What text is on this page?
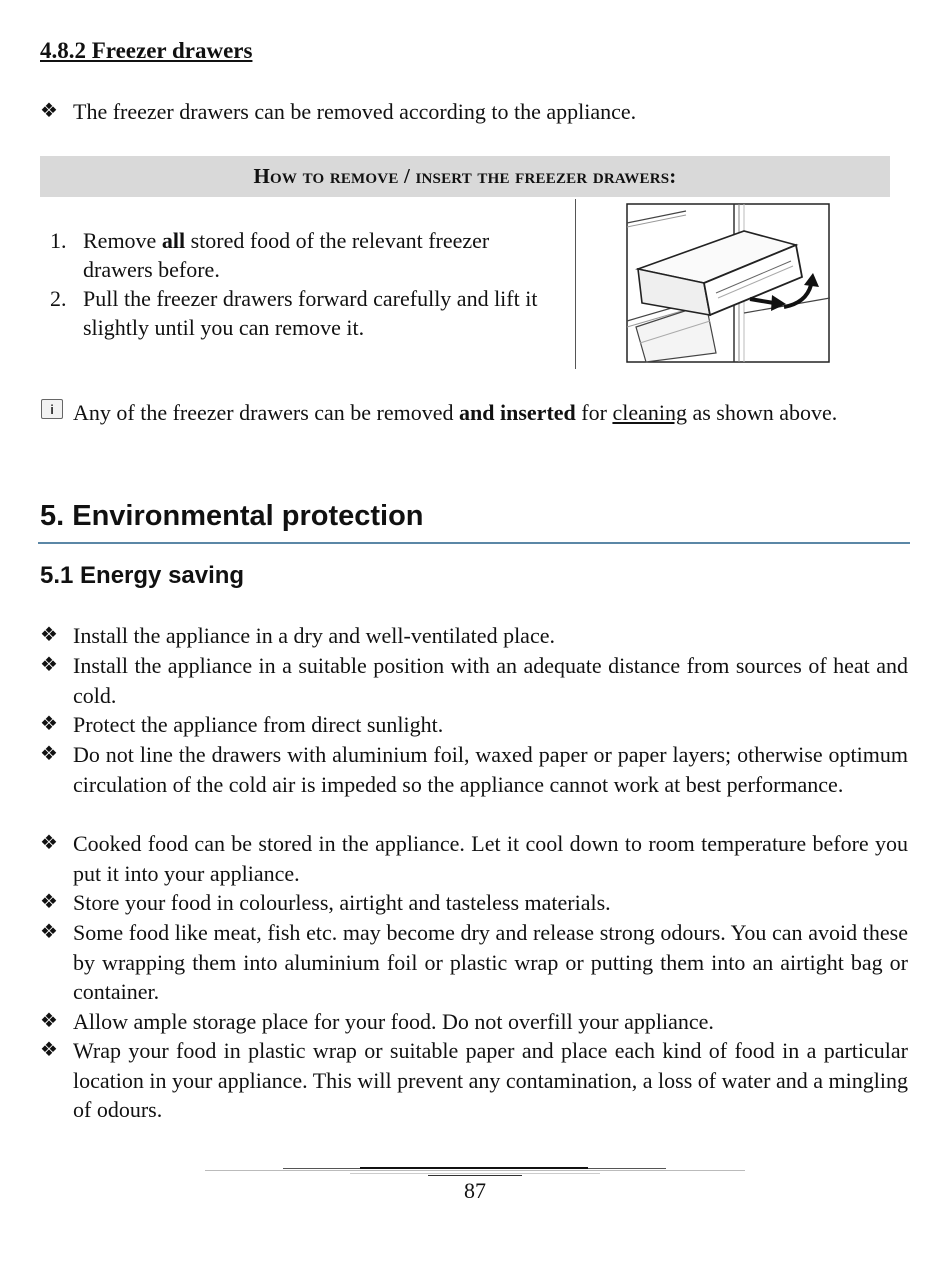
4.8.2 Freezer drawers
❖ The freezer drawers can be removed according to the appliance.
How to remove / insert the freezer drawers:
1. Remove all stored food of the relevant freezer drawers before.
2. Pull the freezer drawers forward carefully and lift it slightly until you can remove it.
i Any of the freezer drawers can be removed and inserted for cleaning as shown above.
5. Environmental protection
5.1 Energy saving
❖ Install the appliance in a dry and well-ventilated place.
❖ Install the appliance in a suitable position with an adequate distance from sources of heat and cold.
❖ Protect the appliance from direct sunlight.
❖ Do not line the drawers with aluminium foil, waxed paper or paper layers; otherwise optimum circulation of the cold air is impeded so the appliance cannot work at best performance.
❖ Cooked food can be stored in the appliance. Let it cool down to room temperature before you put it into your appliance.
❖ Store your food in colourless, airtight and tasteless materials.
❖ Some food like meat, fish etc. may become dry and release strong odours. You can avoid these by wrapping them into aluminium foil or plastic wrap or putting them into an airtight bag or container.
❖ Allow ample storage place for your food. Do not overfill your appliance.
❖ Wrap your food in plastic wrap or suitable paper and place each kind of food in a particular location in your appliance. This will prevent any contamination, a loss of water and a mingling of odours.
87
